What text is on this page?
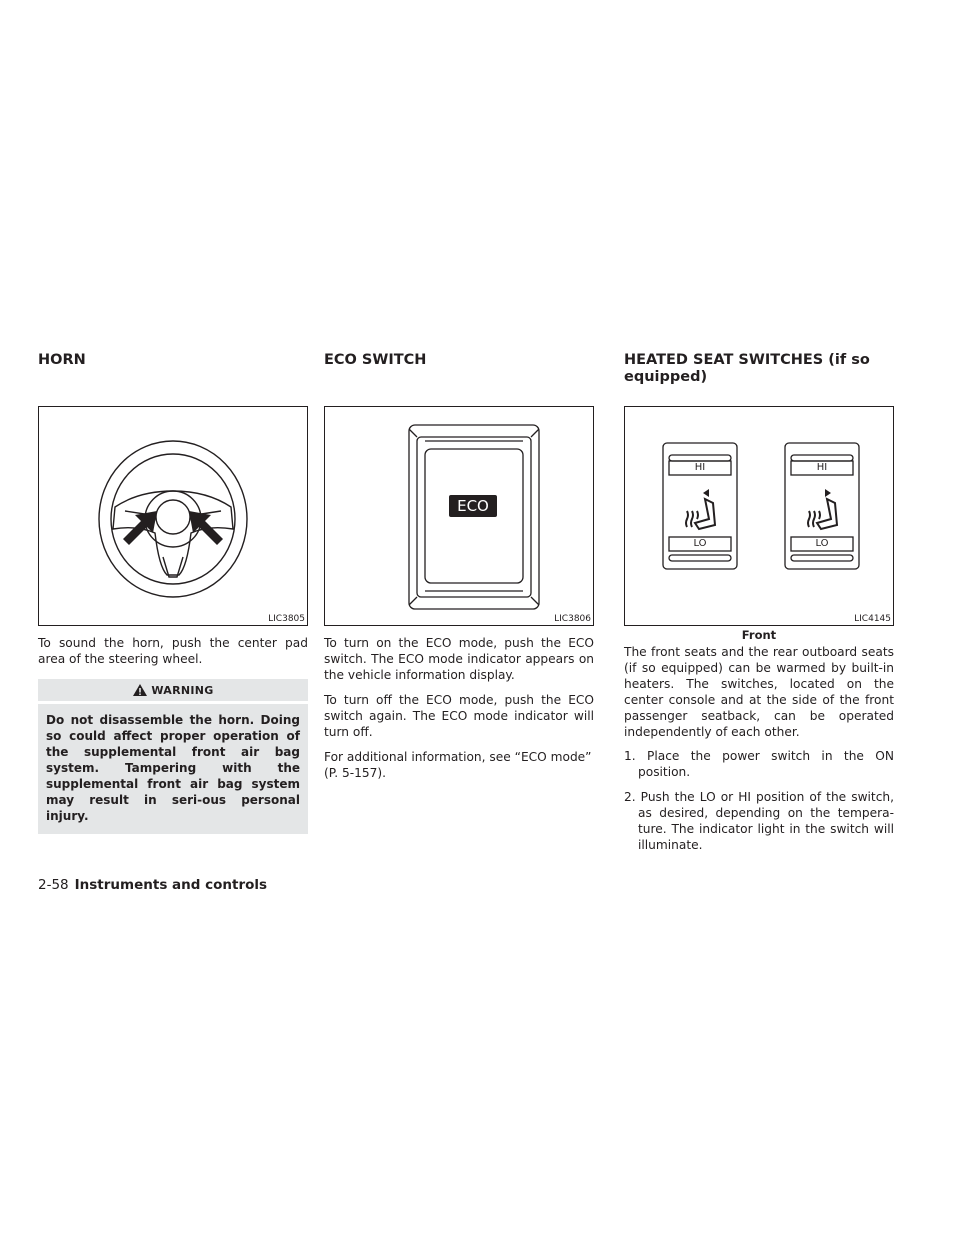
HORN
LIC3805

To sound the horn, push the center pad area of the steering wheel.

WARNING
Do not disassemble the horn. Doing so could affect proper operation of the supplemental front air bag system. Tampering with the supplemental front air bag system may result in seri-ous personal injury.
ECO SWITCH
ECO
LIC3806

To turn on the ECO mode, push the ECO switch. The ECO mode indicator appears on the vehicle information display.

To turn off the ECO mode, push the ECO switch again. The ECO mode indicator will turn off.

For additional information, see “ECO mode” (P. 5-157).

HEATED SEAT SWITCHES (if so equipped)
HI
LO
HI
LO
LIC4145
Front

The front seats and the rear outboard seats (if so equipped) can be warmed by built-in heaters. The switches, located on the center console and at the side of the front passenger seatback, can be operated independently of each other.

1. Place the power switch in the ON position.
2. Push the LO or HI position of the switch, as desired, depending on the tempera-ture. The indicator light in the switch will illuminate.
2-58 Instruments and controls
